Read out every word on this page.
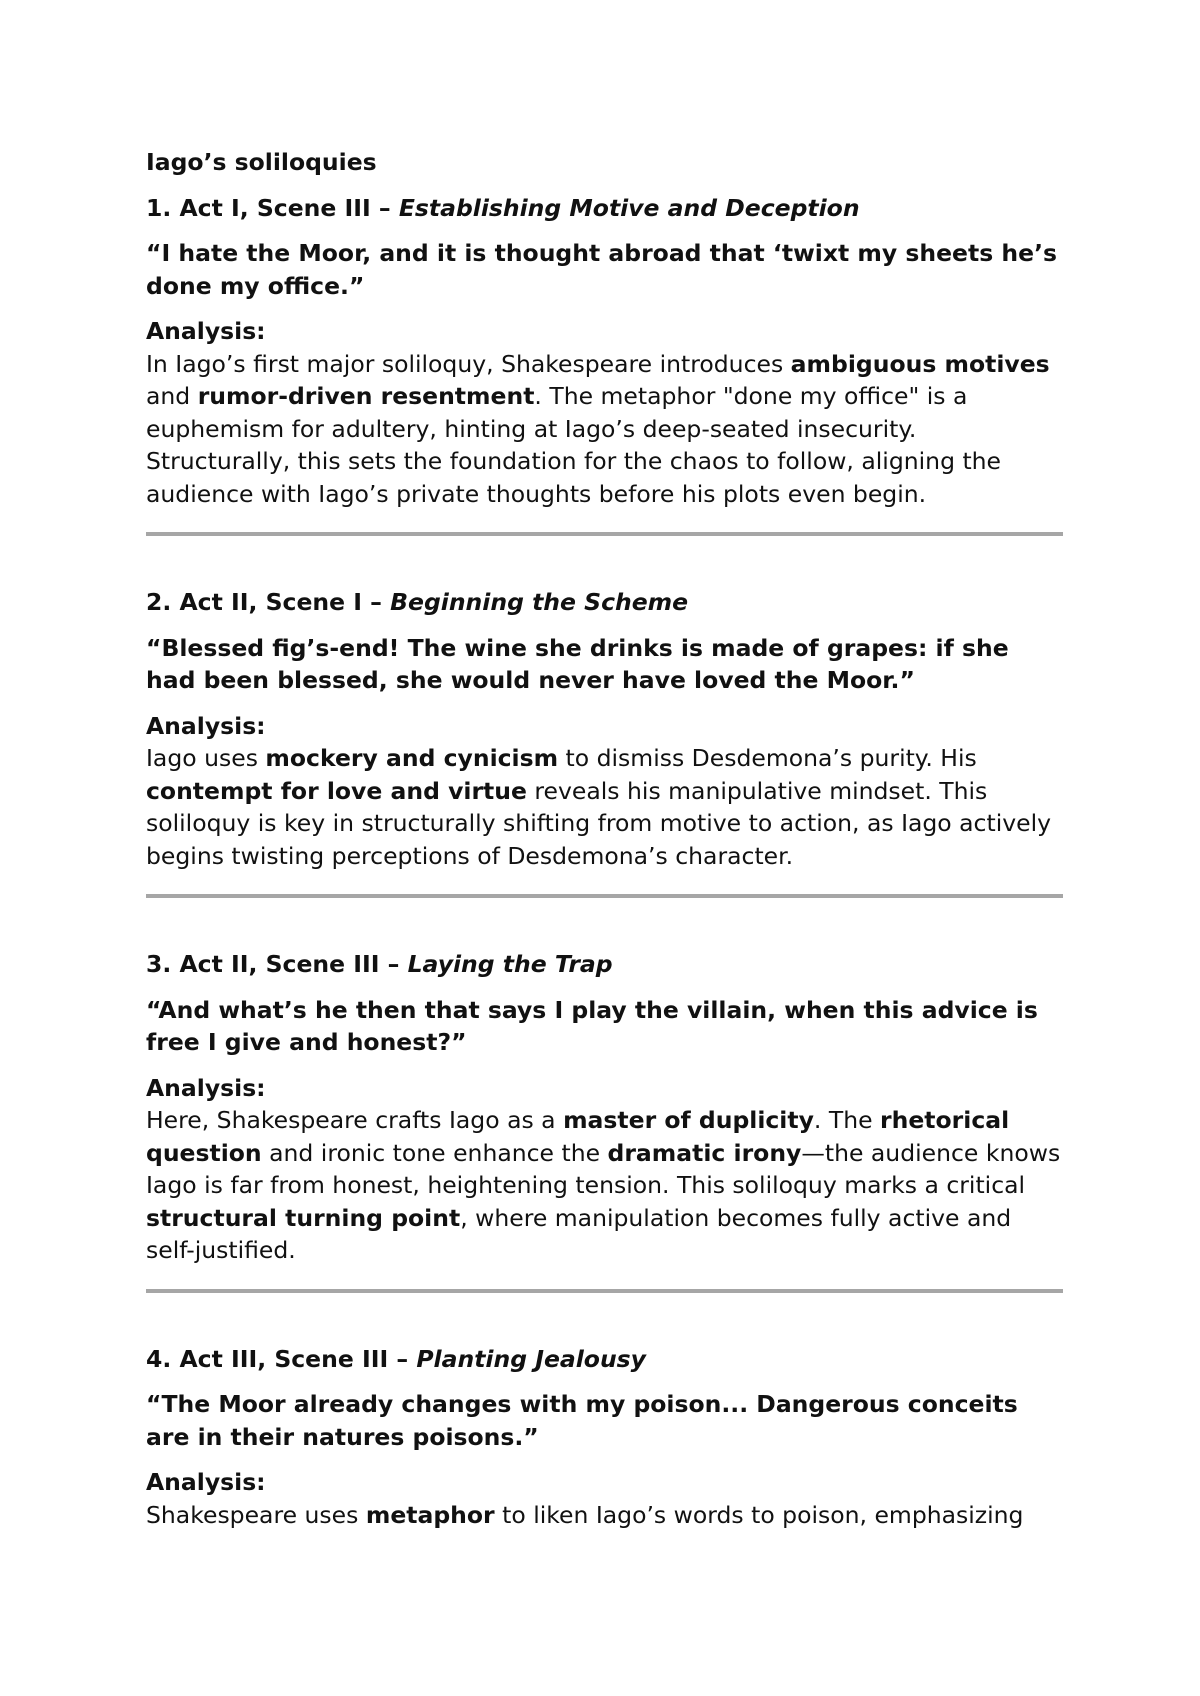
Iago’s soliloquies

1. Act I, Scene III – Establishing Motive and Deception

“I hate the Moor, and it is thought abroad that ‘twixt my sheets he’s done my office.”

Analysis:

In Iago’s first major soliloquy, Shakespeare introduces ambiguous motives and rumor-driven resentment. The metaphor "done my office" is a euphemism for adultery, hinting at Iago’s deep-seated insecurity. Structurally, this sets the foundation for the chaos to follow, aligning the audience with Iago’s private thoughts before his plots even begin.

2. Act II, Scene I – Beginning the Scheme

“Blessed fig’s-end! The wine she drinks is made of grapes: if she had been blessed, she would never have loved the Moor.”

Analysis:

Iago uses mockery and cynicism to dismiss Desdemona’s purity. His contempt for love and virtue reveals his manipulative mindset. This soliloquy is key in structurally shifting from motive to action, as Iago actively begins twisting perceptions of Desdemona’s character.

3. Act II, Scene III – Laying the Trap

“And what’s he then that says I play the villain, when this advice is free I give and honest?”

Analysis:

Here, Shakespeare crafts Iago as a master of duplicity. The rhetorical question and ironic tone enhance the dramatic irony—the audience knows Iago is far from honest, heightening tension. This soliloquy marks a critical structural turning point, where manipulation becomes fully active and self-justified.

4. Act III, Scene III – Planting Jealousy

“The Moor already changes with my poison... Dangerous conceits are in their natures poisons.”

Analysis:

Shakespeare uses metaphor to liken Iago’s words to poison, emphasizing
